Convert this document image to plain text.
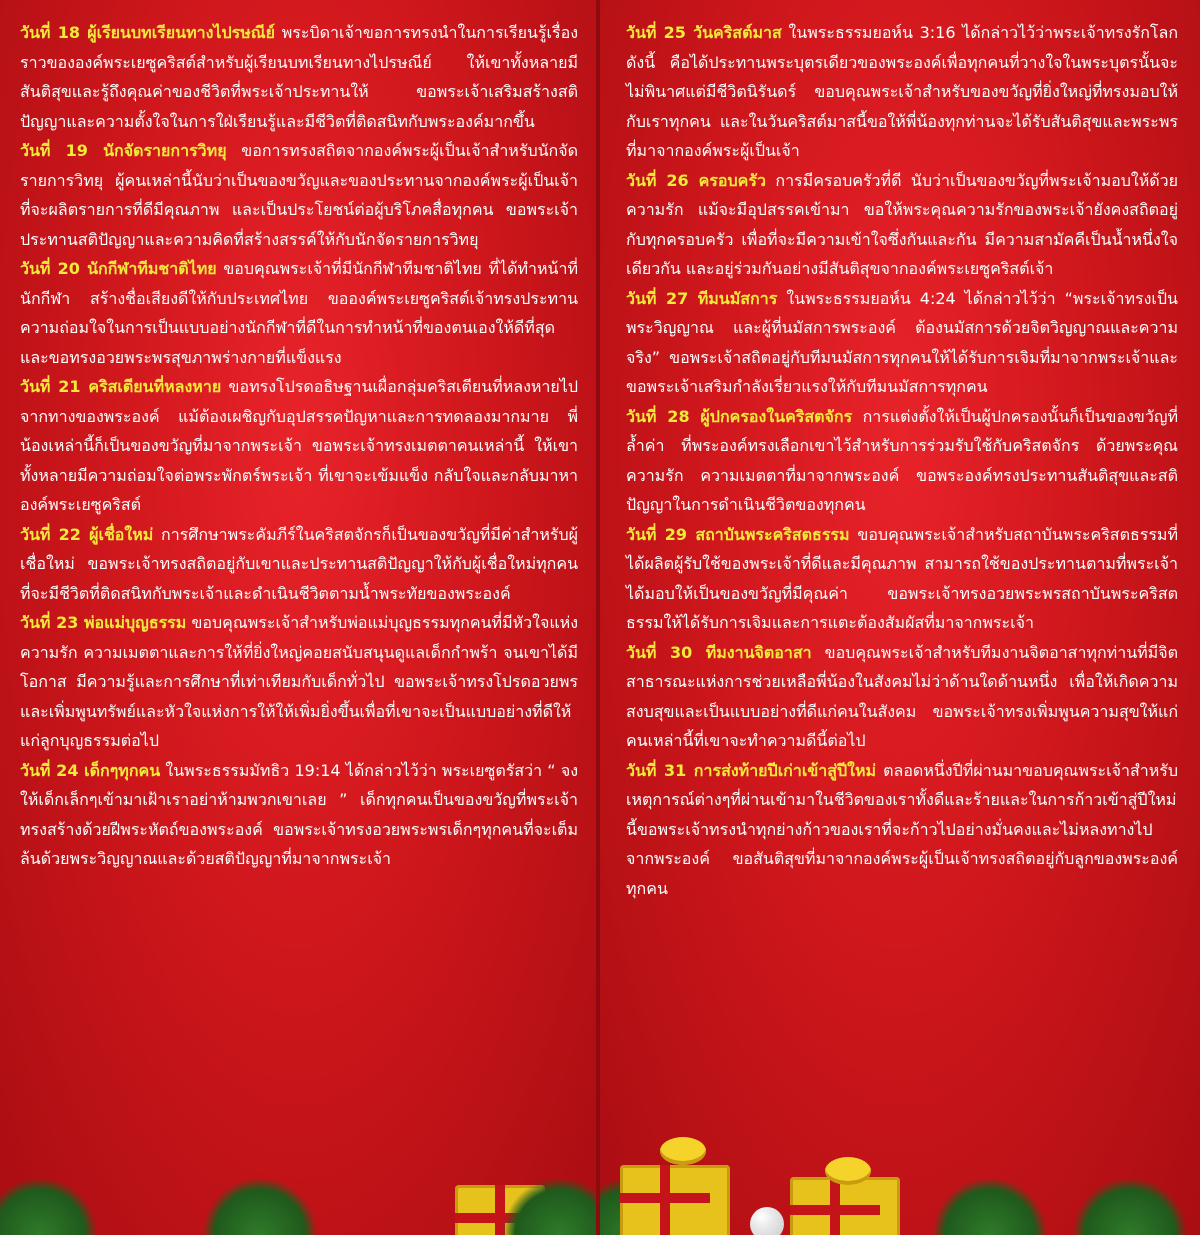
วันที่ 18 ผู้เรียนบทเรียนทางไปรษณีย์ พระบิดาเจ้าขอการทรงนำในการเรียนรู้เรื่องราวขององค์พระเยซูคริสต์สำหรับผู้เรียนบทเรียนทางไปรษณีย์ ให้เขาทั้งหลายมีสันติสุขและรู้ถึงคุณค่าของชีวิตที่พระเจ้าประทานให้ ขอพระเจ้าเสริมสร้างสติปัญญาและความตั้งใจในการใฝ่เรียนรู้และมีชีวิตที่ติดสนิทกับพระองค์มากขึ้น

วันที่ 19 นักจัดรายการวิทยุ ขอการทรงสถิตจากองค์พระผู้เป็นเจ้าสำหรับนักจัดรายการวิทยุ ผู้คนเหล่านี้นับว่าเป็นของขวัญและของประทานจากองค์พระผู้เป็นเจ้า ที่จะผลิตรายการที่ดีมีคุณภาพ และเป็นประโยชน์ต่อผู้บริโภคสื่อทุกคน ขอพระเจ้าประทานสติปัญญาและความคิดที่สร้างสรรค์ให้กับนักจัดรายการวิทยุ

วันที่ 20 นักกีฬาทีมชาติไทย ขอบคุณพระเจ้าที่มีนักกีฬาทีมชาติไทย ที่ได้ทำหน้าที่นักกีฬา สร้างชื่อเสียงดีให้กับประเทศไทย ขอองค์พระเยซูคริสต์เจ้าทรงประทานความถ่อมใจในการเป็นแบบอย่างนักกีฬาที่ดีในการทำหน้าที่ของตนเองให้ดีที่สุด และขอทรงอวยพระพรสุขภาพร่างกายที่แข็งแรง

วันที่ 21 คริสเตียนที่หลงหาย ขอทรงโปรดอธิษฐานเผื่อกลุ่มคริสเตียนที่หลงหายไปจากทางของพระองค์ แม้ต้องเผชิญกับอุปสรรคปัญหาและการทดลองมากมาย พี่น้องเหล่านี้ก็เป็นของขวัญที่มาจากพระเจ้า ขอพระเจ้าทรงเมตตาคนเหล่านี้ ให้เขาทั้งหลายมีความถ่อมใจต่อพระพักตร์พระเจ้า ที่เขาจะเข้มแข็ง กลับใจและกลับมาหาองค์พระเยซูคริสต์

วันที่ 22 ผู้เชื่อใหม่ การศึกษาพระคัมภีร์ในคริสตจักรก็เป็นของขวัญที่มีค่าสำหรับผู้เชื่อใหม่ ขอพระเจ้าทรงสถิตอยู่กับเขาและประทานสติปัญญาให้กับผู้เชื่อใหม่ทุกคน ที่จะมีชีวิตที่ติดสนิทกับพระเจ้าและดำเนินชีวิตตามน้ำพระทัยของพระองค์

วันที่ 23 พ่อแม่บุญธรรม ขอบคุณพระเจ้าสำหรับพ่อแม่บุญธรรมทุกคนที่มีหัวใจแห่งความรัก ความเมตตาและการให้ที่ยิ่งใหญ่คอยสนับสนุนดูแลเด็กกำพร้า จนเขาได้มีโอกาส มีความรู้และการศึกษาที่เท่าเทียมกับเด็กทั่วไป ขอพระเจ้าทรงโปรดอวยพรและเพิ่มพูนทรัพย์และหัวใจแห่งการให้ให้เพิ่มยิ่งขึ้นเพื่อที่เขาจะเป็นแบบอย่างที่ดีให้แก่ลูกบุญธรรมต่อไป

วันที่ 24 เด็กๆทุกคน ในพระธรรมมัทธิว 19:14 ได้กล่าวไว้ว่า พระเยซูตรัสว่า “ จงให้เด็กเล็กๆเข้ามาเฝ้าเราอย่าห้ามพวกเขาเลย ” เด็กทุกคนเป็นของขวัญที่พระเจ้าทรงสร้างด้วยฝีพระหัตถ์ของพระองค์ ขอพระเจ้าทรงอวยพระพรเด็กๆทุกคนที่จะเต็มล้นด้วยพระวิญญาณและด้วยสติปัญญาที่มาจากพระเจ้า

วันที่ 25 วันคริสต์มาส ในพระธรรมยอห์น 3:16 ได้กล่าวไว้ว่าพระเจ้าทรงรักโลกดังนี้ คือได้ประทานพระบุตรเดียวของพระองค์เพื่อทุกคนที่วางใจในพระบุตรนั้นจะไม่พินาศแต่มีชีวิตนิรันดร์ ขอบคุณพระเจ้าสำหรับของขวัญที่ยิ่งใหญ่ที่ทรงมอบให้กับเราทุกคน และในวันคริสต์มาสนี้ขอให้พี่น้องทุกท่านจะได้รับสันติสุขและพระพรที่มาจากองค์พระผู้เป็นเจ้า

วันที่ 26 ครอบครัว การมีครอบครัวที่ดี นับว่าเป็นของขวัญที่พระเจ้ามอบให้ด้วยความรัก แม้จะมีอุปสรรคเข้ามา ขอให้พระคุณความรักของพระเจ้ายังคงสถิตอยู่กับทุกครอบครัว เพื่อที่จะมีความเข้าใจซึ่งกันและกัน มีความสามัคคีเป็นน้ำหนึ่งใจเดียวกัน และอยู่ร่วมกันอย่างมีสันติสุขจากองค์พระเยซูคริสต์เจ้า

วันที่ 27 ทีมนมัสการ ในพระธรรมยอห์น 4:24 ได้กล่าวไว้ว่า “พระเจ้าทรงเป็นพระวิญญาณ และผู้ที่นมัสการพระองค์ ต้องนมัสการด้วยจิตวิญญาณและความจริง” ขอพระเจ้าสถิตอยู่กับทีมนมัสการทุกคนให้ได้รับการเจิมที่มาจากพระเจ้าและขอพระเจ้าเสริมกำลังเรี่ยวแรงให้กับทีมนมัสการทุกคน

วันที่ 28 ผู้ปกครองในคริสตจักร การแต่งตั้งให้เป็นผู้ปกครองนั้นก็เป็นของขวัญที่ล้ำค่า ที่พระองค์ทรงเลือกเขาไว้สำหรับการร่วมรับใช้กับคริสตจักร ด้วยพระคุณความรัก ความเมตตาที่มาจากพระองค์ ขอพระองค์ทรงประทานสันติสุขและสติปัญญาในการดำเนินชีวิตของทุกคน

วันที่ 29 สถาบันพระคริสตธรรม ขอบคุณพระเจ้าสำหรับสถาบันพระคริสตธรรมที่ได้ผลิตผู้รับใช้ของพระเจ้าที่ดีและมีคุณภาพ สามารถใช้ของประทานตามที่พระเจ้าได้มอบให้เป็นของขวัญที่มีคุณค่า ขอพระเจ้าทรงอวยพระพรสถาบันพระคริสตธรรมให้ได้รับการเจิมและการแตะต้องสัมผัสที่มาจากพระเจ้า

วันที่ 30 ทีมงานจิตอาสา ขอบคุณพระเจ้าสำหรับทีมงานจิตอาสาทุกท่านที่มีจิตสาธารณะแห่งการช่วยเหลือพี่น้องในสังคมไม่ว่าด้านใดด้านหนึ่ง เพื่อให้เกิดความสงบสุขและเป็นแบบอย่างที่ดีแก่คนในสังคม ขอพระเจ้าทรงเพิ่มพูนความสุขให้แก่คนเหล่านี้ที่เขาจะทำความดีนี้ต่อไป

วันที่ 31 การส่งท้ายปีเก่าเข้าสู่ปีใหม่ ตลอดหนึ่งปีที่ผ่านมาขอบคุณพระเจ้าสำหรับเหตุการณ์ต่างๆที่ผ่านเข้ามาในชีวิตของเราทั้งดีและร้ายและในการก้าวเข้าสู่ปีใหม่นี้ขอพระเจ้าทรงนำทุกย่างก้าวของเราที่จะก้าวไปอย่างมั่นคงและไม่หลงทางไปจากพระองค์ ขอสันติสุขที่มาจากองค์พระผู้เป็นเจ้าทรงสถิตอยู่กับลูกของพระองค์ทุกคน
